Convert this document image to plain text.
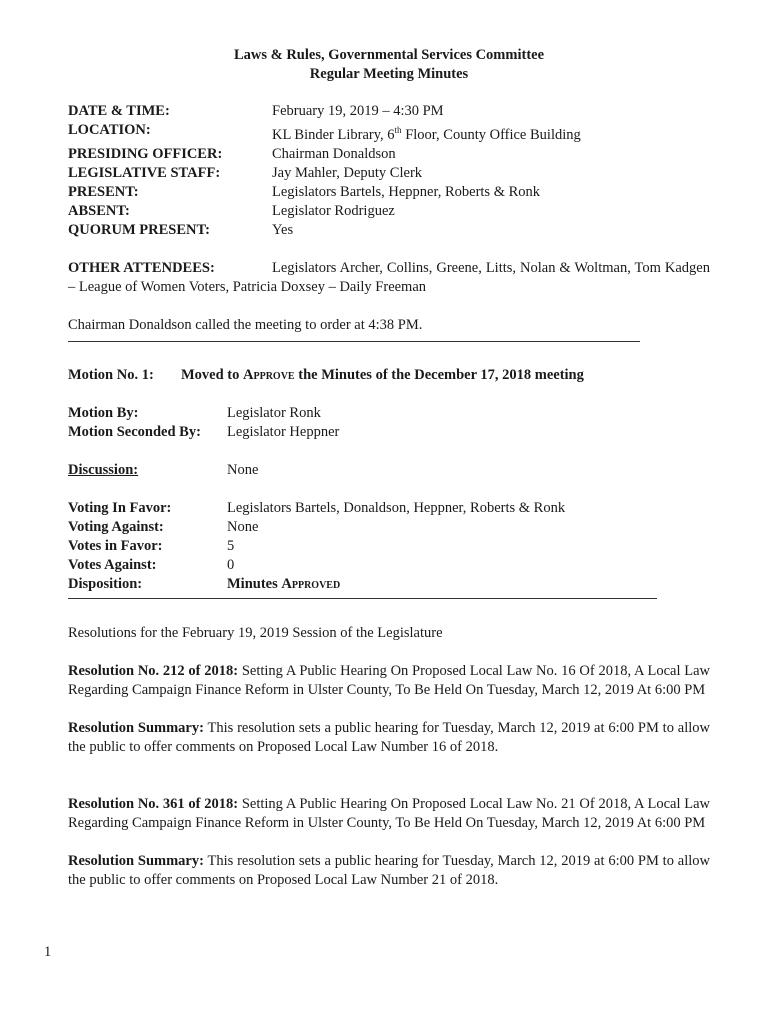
Laws & Rules, Governmental Services Committee
Regular Meeting Minutes
DATE & TIME:	February 19, 2019 – 4:30 PM
LOCATION:	KL Binder Library, 6th Floor, County Office Building
PRESIDING OFFICER:	Chairman Donaldson
LEGISLATIVE STAFF:	Jay Mahler, Deputy Clerk
PRESENT:	Legislators Bartels, Heppner, Roberts & Ronk
ABSENT:	Legislator Rodriguez
QUORUM PRESENT:	Yes
OTHER ATTENDEES:	Legislators Archer, Collins, Greene, Litts, Nolan & Woltman, Tom Kadgen – League of Women Voters, Patricia Doxsey – Daily Freeman
Chairman Donaldson called the meeting to order at 4:38 PM.
Motion No. 1: Moved to Approve the Minutes of the December 17, 2018 meeting
Motion By:	Legislator Ronk
Motion Seconded By:	Legislator Heppner
Discussion:	None
Voting In Favor:	Legislators Bartels, Donaldson, Heppner, Roberts & Ronk
Voting Against:	None
Votes in Favor:	5
Votes Against:	0
Disposition:	Minutes Approved
Resolutions for the February 19, 2019 Session of the Legislature
Resolution No. 212 of 2018: Setting A Public Hearing On Proposed Local Law No. 16 Of 2018, A Local Law Regarding Campaign Finance Reform in Ulster County, To Be Held On Tuesday, March 12, 2019 At 6:00 PM
Resolution Summary: This resolution sets a public hearing for Tuesday, March 12, 2019 at 6:00 PM to allow the public to offer comments on Proposed Local Law Number 16 of 2018.
Resolution No. 361 of 2018: Setting A Public Hearing On Proposed Local Law No. 21 Of 2018, A Local Law Regarding Campaign Finance Reform in Ulster County, To Be Held On Tuesday, March 12, 2019 At 6:00 PM
Resolution Summary: This resolution sets a public hearing for Tuesday, March 12, 2019 at 6:00 PM to allow the public to offer comments on Proposed Local Law Number 21 of 2018.
1
